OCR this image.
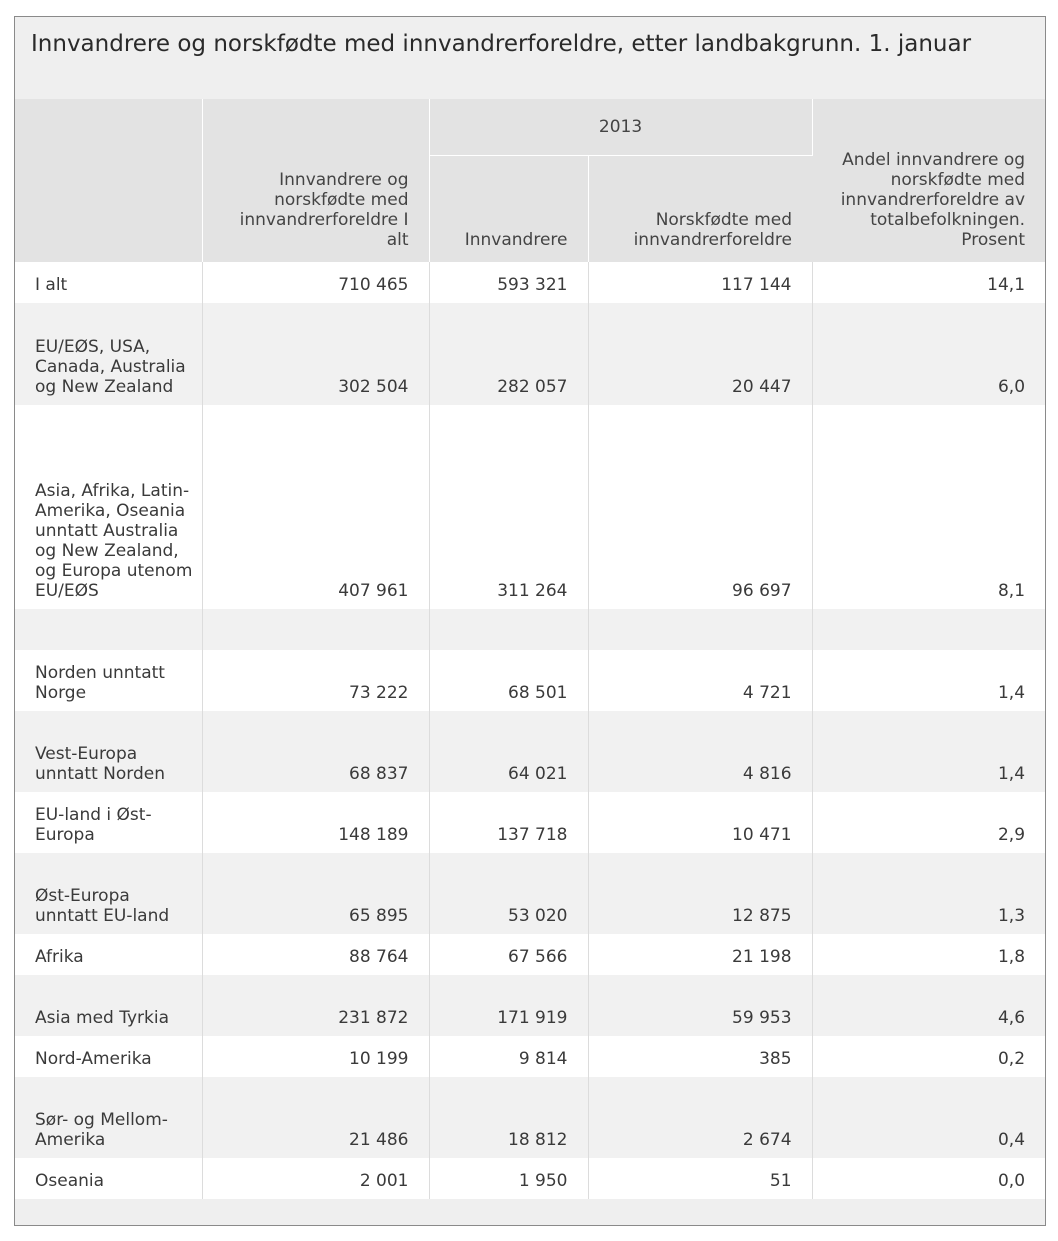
Innvandrere og norskfødte med innvandrerforeldre, etter landbakgrunn. 1. januar
	Innvandrere og norskfødte med innvandrerforeldre I alt	2013		Andel innvandrere og norskfødte med innvandrerforeldre av totalbefolkningen. Prosent
		Innvandrere	Norskfødte med innvandrerforeldre	
I alt	710 465	593 321	117 144	14,1
EU/EØS, USA, Canada, Australia og New Zealand	302 504	282 057	20 447	6,0
Asia, Afrika, Latin-Amerika, Oseania unntatt Australia og New Zealand, og Europa utenom EU/EØS	407 961	311 264	96 697	8,1

Norden unntatt Norge	73 222	68 501	4 721	1,4
Vest-Europa unntatt Norden	68 837	64 021	4 816	1,4
EU-land i Øst-Europa	148 189	137 718	10 471	2,9
Øst-Europa unntatt EU-land	65 895	53 020	12 875	1,3
Afrika	88 764	67 566	21 198	1,8
Asia med Tyrkia	231 872	171 919	59 953	4,6
Nord-Amerika	10 199	9 814	385	0,2
Sør- og Mellom-Amerika	21 486	18 812	2 674	0,4
Oseania	2 001	1 950	51	0,0
